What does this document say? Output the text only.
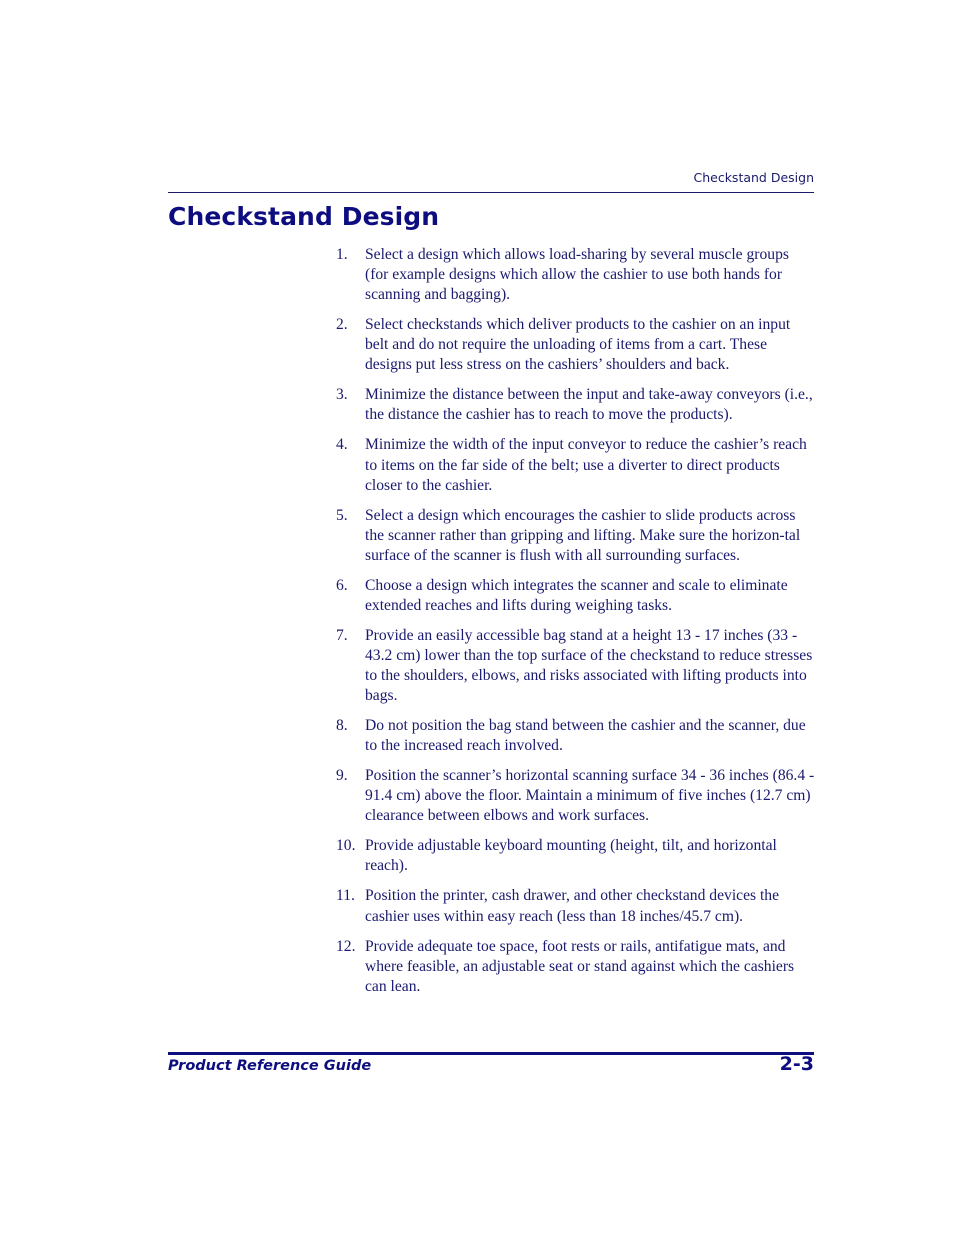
Checkstand Design
Checkstand Design
1. Select a design which allows load-sharing by several muscle groups (for example designs which allow the cashier to use both hands for scanning and bagging).
2. Select checkstands which deliver products to the cashier on an input belt and do not require the unloading of items from a cart. These designs put less stress on the cashiers’ shoulders and back.
3. Minimize the distance between the input and take-away conveyors (i.e., the distance the cashier has to reach to move the products).
4. Minimize the width of the input conveyor to reduce the cashier’s reach to items on the far side of the belt; use a diverter to direct products closer to the cashier.
5. Select a design which encourages the cashier to slide products across the scanner rather than gripping and lifting. Make sure the horizon-tal surface of the scanner is flush with all surrounding surfaces.
6. Choose a design which integrates the scanner and scale to eliminate extended reaches and lifts during weighing tasks.
7. Provide an easily accessible bag stand at a height 13 - 17 inches (33 - 43.2 cm) lower than the top surface of the checkstand to reduce stresses to the shoulders, elbows, and risks associated with lifting products into bags.
8. Do not position the bag stand between the cashier and the scanner, due to the increased reach involved.
9. Position the scanner’s horizontal scanning surface 34 - 36 inches (86.4 - 91.4 cm) above the floor. Maintain a minimum of five inches (12.7 cm) clearance between elbows and work surfaces.
10. Provide adjustable keyboard mounting (height, tilt, and horizontal reach).
11. Position the printer, cash drawer, and other checkstand devices the cashier uses within easy reach (less than 18 inches/45.7 cm).
12. Provide adequate toe space, foot rests or rails, antifatigue mats, and where feasible, an adjustable seat or stand against which the cashiers can lean.
Product Reference Guide	2-3
